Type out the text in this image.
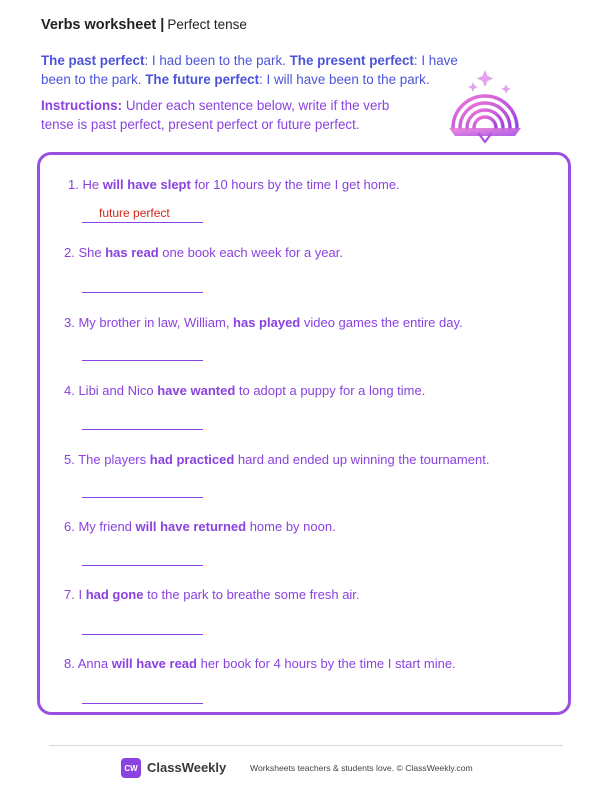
Verbs worksheet | Perfect tense
The past perfect: I had been to the park. The present perfect: I have been to the park. The future perfect: I will have been to the park.
Instructions: Under each sentence below, write if the verb tense is past perfect, present perfect or future perfect.
1. He will have slept for 10 hours by the time I get home.
2. She has read one book each week for a year.
3. My brother in law, William, has played video games the entire day.
4. Libi and Nico have wanted to adopt a puppy for a long time.
5. The players had practiced hard and ended up winning the tournament.
6. My friend will have returned home by noon.
7. I had gone to the park to breathe some fresh air.
8. Anna will have read her book for 4 hours by the time I start mine.
future perfect
CW ClassWeekly	Worksheets teachers & students love. © ClassWeekly.com
